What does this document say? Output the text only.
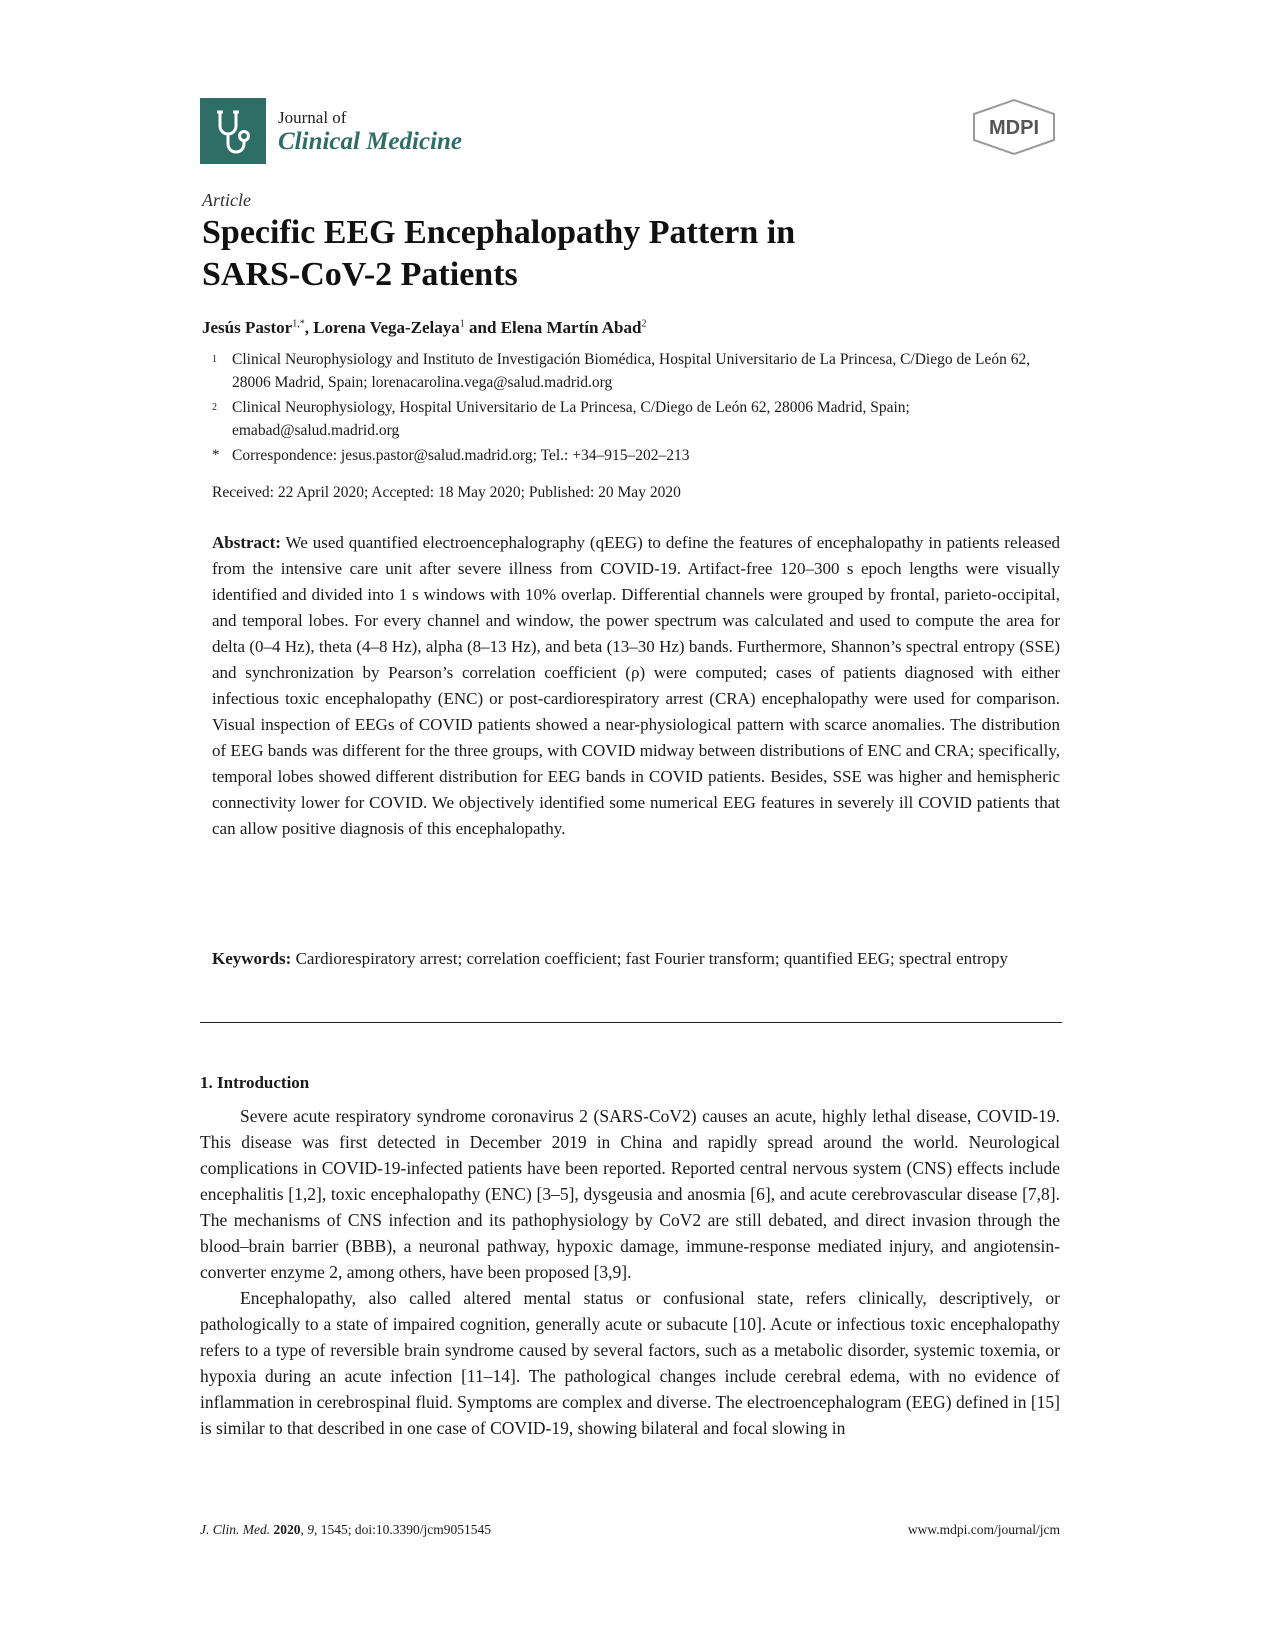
Journal of
Clinical Medicine	MDPI
Article
Specific EEG Encephalopathy Pattern in
SARS-CoV-2 Patients
Jesús Pastor$^{1,*}$, Lorena Vega-Zelaya$^1$ and Elena Martín Abad$^2$
1 Clinical Neurophysiology and Instituto de Investigación Biomédica, Hospital Universitario de La Princesa, C/Diego de León 62, 28006 Madrid, Spain; lorenacarolina.vega@salud.madrid.org
2 Clinical Neurophysiology, Hospital Universitario de La Princesa, C/Diego de León 62, 28006 Madrid, Spain; emabad@salud.madrid.org
* Correspondence: jesus.pastor@salud.madrid.org; Tel.: +34–915–202–213
Received: 22 April 2020; Accepted: 18 May 2020; Published: 20 May 2020
Abstract: We used quantified electroencephalography (qEEG) to define the features of encephalopathy in patients released from the intensive care unit after severe illness from COVID-19. Artifact-free 120–300 s epoch lengths were visually identified and divided into 1 s windows with 10% overlap. Differential channels were grouped by frontal, parieto-occipital, and temporal lobes. For every channel and window, the power spectrum was calculated and used to compute the area for delta (0–4 Hz), theta (4–8 Hz), alpha (8–13 Hz), and beta (13–30 Hz) bands. Furthermore, Shannon’s spectral entropy (SSE) and synchronization by Pearson’s correlation coefficient (ρ) were computed; cases of patients diagnosed with either infectious toxic encephalopathy (ENC) or post-cardiorespiratory arrest (CRA) encephalopathy were used for comparison. Visual inspection of EEGs of COVID patients showed a near-physiological pattern with scarce anomalies. The distribution of EEG bands was different for the three groups, with COVID midway between distributions of ENC and CRA; specifically, temporal lobes showed different distribution for EEG bands in COVID patients. Besides, SSE was higher and hemispheric connectivity lower for COVID. We objectively identified some numerical EEG features in severely ill COVID patients that can allow positive diagnosis of this encephalopathy.
Keywords: Cardiorespiratory arrest; correlation coefficient; fast Fourier transform; quantified EEG; spectral entropy
1. Introduction

Severe acute respiratory syndrome coronavirus 2 (SARS-CoV2) causes an acute, highly lethal disease, COVID-19. This disease was first detected in December 2019 in China and rapidly spread around the world. Neurological complications in COVID-19-infected patients have been reported. Reported central nervous system (CNS) effects include encephalitis [1,2], toxic encephalopathy (ENC) [3–5], dysgeusia and anosmia [6], and acute cerebrovascular disease [7,8]. The mechanisms of CNS infection and its pathophysiology by CoV2 are still debated, and direct invasion through the blood–brain barrier (BBB), a neuronal pathway, hypoxic damage, immune-response mediated injury, and angiotensin-converter enzyme 2, among others, have been proposed [3,9].

Encephalopathy, also called altered mental status or confusional state, refers clinically, descriptively, or pathologically to a state of impaired cognition, generally acute or subacute [10]. Acute or infectious toxic encephalopathy refers to a type of reversible brain syndrome caused by several factors, such as a metabolic disorder, systemic toxemia, or hypoxia during an acute infection [11–14]. The pathological changes include cerebral edema, with no evidence of inflammation in cerebrospinal fluid. Symptoms are complex and diverse. The electroencephalogram (EEG) defined in [15] is similar to that described in one case of COVID-19, showing bilateral and focal slowing in

J. Clin. Med. 2020, 9, 1545; doi:10.3390/jcm9051545	www.mdpi.com/journal/jcm
